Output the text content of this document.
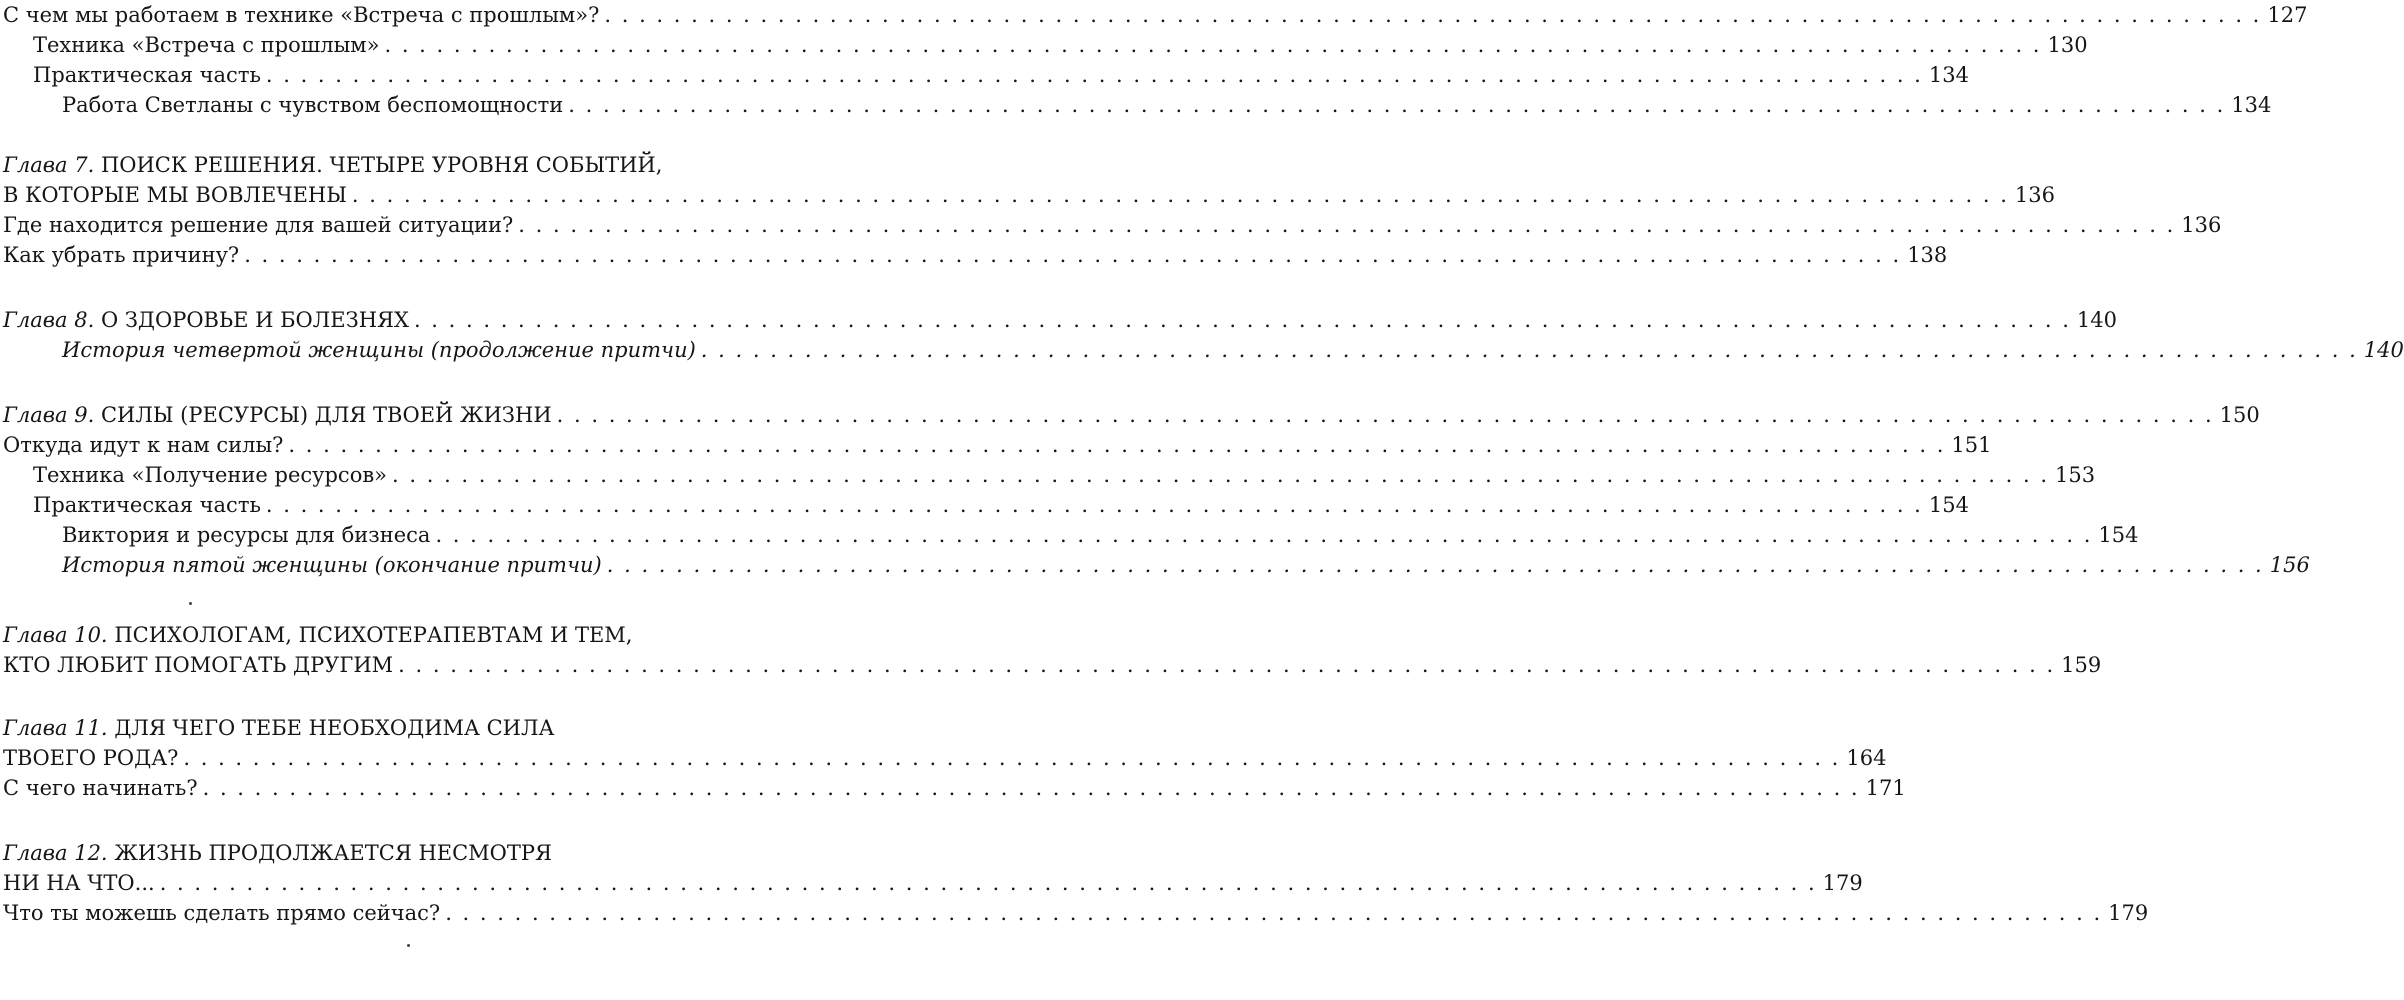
С чем мы работаем в технике «Встреча с прошлым»? . . .	127
Техника «Встреча с прошлым» . . .	130
Практическая часть . . .	134
Работа Светланы с чувством беспомощности . . .	134
Глава 7. ПОИСК РЕШЕНИЯ. ЧЕТЫРЕ УРОВНЯ СОБЫТИЙ,
В КОТОРЫЕ МЫ ВОВЛЕЧЕНЫ . . .	136
Где находится решение для вашей ситуации? . . .	136
Как убрать причину? . . .	138
Глава 8. О ЗДОРОВЬЕ И БОЛЕЗНЯХ . . .	140
История четвертой женщины (продолжение притчи) . . .	140
Глава 9. СИЛЫ (РЕСУРСЫ) ДЛЯ ТВОЕЙ ЖИЗНИ . . .	150
Откуда идут к нам силы? . . .	151
Техника «Получение ресурсов» . . .	153
Практическая часть . . .	154
Виктория и ресурсы для бизнеса . . .	154
История пятой женщины (окончание притчи) . . .	156
Глава 10. ПСИХОЛОГАМ, ПСИХОТЕРАПЕВТАМ И ТЕМ,
КТО ЛЮБИТ ПОМОГАТЬ ДРУГИМ . . .	159
Глава 11. ДЛЯ ЧЕГО ТЕБЕ НЕОБХОДИМА СИЛА
ТВОЕГО РОДА? . . .	164
С чего начинать? . . .	171
Глава 12. ЖИЗНЬ ПРОДОЛЖАЕТСЯ НЕСМОТРЯ
НИ НА ЧТО... . . .	179
Что ты можешь сделать прямо сейчас? . . .	179
